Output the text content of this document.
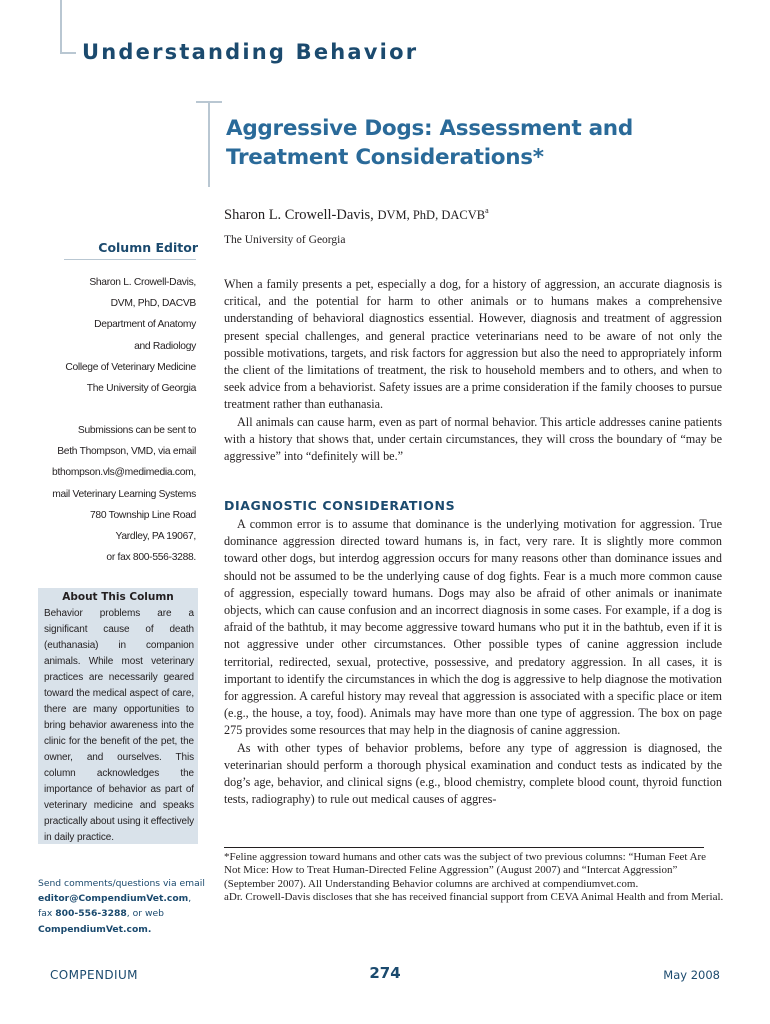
Understanding Behavior
Aggressive Dogs: Assessment and Treatment Considerations*
Sharon L. Crowell-Davis, DVM, PhD, DACVB$^a$
The University of Georgia

When a family presents a pet, especially a dog, for a history of aggression, an accurate diagnosis is critical, and the potential for harm to other animals or to humans makes a comprehensive understanding of behavioral diagnostics essential. However, diagnosis and treatment of aggression present special challenges, and general practice veterinarians need to be aware of not only the possible motivations, targets, and risk factors for aggression but also the need to appropriately inform the client of the limitations of treatment, the risk to household members and to others, and when to seek advice from a behaviorist. Safety issues are a prime consideration if the family chooses to pursue treatment rather than euthanasia.

All animals can cause harm, even as part of normal behavior. This article addresses canine patients with a history that shows that, under certain circumstances, they will cross the boundary of “may be aggressive” into “definitely will be.”

DIAGNOSTIC CONSIDERATIONS

A common error is to assume that dominance is the underlying motivation for aggression. True dominance aggression directed toward humans is, in fact, very rare. It is slightly more common toward other dogs, but interdog aggression occurs for many reasons other than dominance issues and should not be assumed to be the underlying cause of dog fights. Fear is a much more common cause of aggression, especially toward humans. Dogs may also be afraid of other animals or inanimate objects, which can cause confusion and an incorrect diagnosis in some cases. For example, if a dog is afraid of the bathtub, it may become aggressive toward humans who put it in the bathtub, even if it is not aggressive under other circumstances. Other possible types of canine aggression include territorial, redirected, sexual, protective, possessive, and predatory aggression. In all cases, it is important to identify the circumstances in which the dog is aggressive to help diagnose the motivation for aggression. A careful history may reveal that aggression is associated with a specific place or item (e.g., the house, a toy, food). Animals may have more than one type of aggression. The box on page 275 provides some resources that may help in the diagnosis of canine aggression.

As with other types of behavior problems, before any type of aggression is diagnosed, the veterinarian should perform a thorough physical examination and conduct tests as indicated by the dog’s age, behavior, and clinical signs (e.g., blood chemistry, complete blood count, thyroid function tests, radiography) to rule out medical causes of aggres-

Column Editor
Sharon L. Crowell-Davis,
DVM, PhD, DACVB
Department of Anatomy
and Radiology
College of Veterinary Medicine
The University of Georgia
Submissions can be sent to
Beth Thompson, VMD, via email
bthompson.vls@medimedia.com,
mail Veterinary Learning Systems
780 Township Line Road
Yardley, PA 19067,
or fax 800-556-3288.
About This Column
Behavior problems are a significant cause of death (euthanasia) in companion animals. While most veterinary practices are necessarily geared toward the medical aspect of care, there are many opportunities to bring behavior awareness into the clinic for the benefit of the pet, the owner, and ourselves. This column acknowledges the importance of behavior as part of veterinary medicine and speaks practically about using it effectively in daily practice.
Send comments/questions via email
editor@CompendiumVet.com,
fax 800-556-3288, or web
CompendiumVet.com.

*Feline aggression toward humans and other cats was the subject of two previous columns: “Human Feet Are Not Mice: How to Treat Human-Directed Feline Aggression” (August 2007) and “Intercat Aggression” (September 2007). All Understanding Behavior columns are archived at compendiumvet.com.

aDr. Crowell-Davis discloses that she has received financial support from CEVA Animal Health and from Merial.

COMPENDIUM	274	May 2008
